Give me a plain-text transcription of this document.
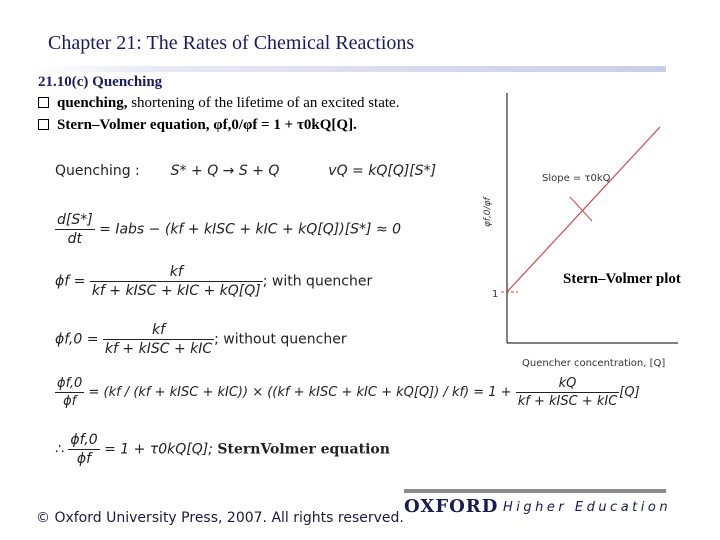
Chapter 21: The Rates of Chemical Reactions
21.10(c) Quenching
quenching, shortening of the lifetime of an excited state.
Stern–Volmer equation, φf,0/φf = 1 + τ0kQ[Q].
Quenching : S* + Q → S + Q	vQ = kQ[Q][S*]
$\frac{d[S*]}{dt}$ = Iabs − (kf + kISC + kIC + kQ[Q])[S*] ≈ 0
$\phi f = \frac{kf}{\text{kf + kISC + kIC + kQ[Q]}}$ ; with quencher
$\phi f,0 = \frac{kf}{\text{kf + kISC + kIC}}$ ; without quencher
$\frac{\phi f,0}{\phi f} = (kf / (kf$ + kISC + kIC)) × ((kf + kISC + kIC + $kQ[Q]) / kf) = 1 + \frac{kQ}{\text{kf + kISC + kIC}} [Q]$
∴ $\frac{\phi f,0}{\phi f} = 1 + \tau 0kQ[Q]$; SternVolmer equation
1
Slope = τ0kQ
φf,0/φf
Quencher concentration, [Q]
Stern–Volmer plot
© Oxford University Press, 2007. All rights reserved.
OXFORD Higher Education
